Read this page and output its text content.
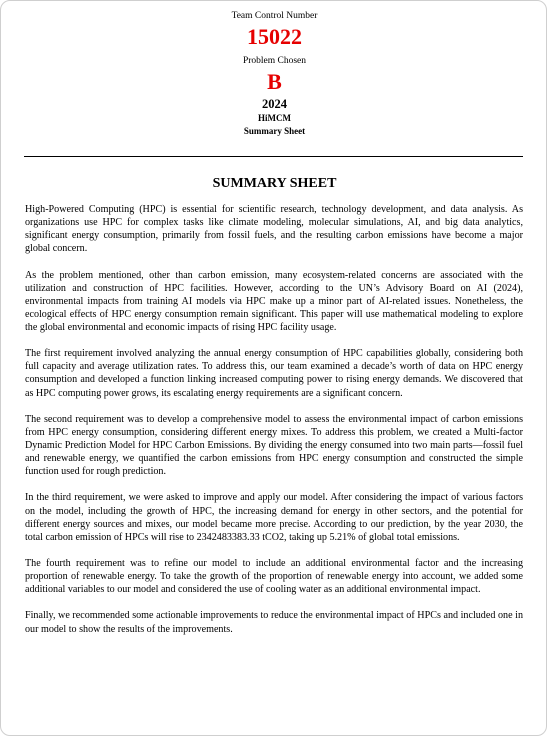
Team Control Number
15022
Problem Chosen
B
2024
HiMCM
Summary Sheet
SUMMARY SHEET

High-Powered Computing (HPC) is essential for scientific research, technology development, and data analysis. As organizations use HPC for complex tasks like climate modeling, molecular simulations, AI, and big data analytics, significant energy consumption, primarily from fossil fuels, and the resulting carbon emissions have become a major global concern.

As the problem mentioned, other than carbon emission, many ecosystem-related concerns are associated with the utilization and construction of HPC facilities. However, according to the UN’s Advisory Board on AI (2024), environmental impacts from training AI models via HPC make up a minor part of AI-related issues. Nonetheless, the ecological effects of HPC energy consumption remain significant. This paper will use mathematical modeling to explore the global environmental and economic impacts of rising HPC facility usage.

The first requirement involved analyzing the annual energy consumption of HPC capabilities globally, considering both full capacity and average utilization rates. To address this, our team examined a decade’s worth of data on HPC energy consumption and developed a function linking increased computing power to rising energy demands. We discovered that as HPC computing power grows, its escalating energy requirements are a significant concern.

The second requirement was to develop a comprehensive model to assess the environmental impact of carbon emissions from HPC energy consumption, considering different energy mixes. To address this problem, we created a Multi-factor Dynamic Prediction Model for HPC Carbon Emissions. By dividing the energy consumed into two main parts—fossil fuel and renewable energy, we quantified the carbon emissions from HPC energy consumption and constructed the simple function used for rough prediction.

In the third requirement, we were asked to improve and apply our model. After considering the impact of various factors on the model, including the growth of HPC, the increasing demand for energy in other sectors, and the potential for different energy sources and mixes, our model became more precise. According to our prediction, by the year 2030, the total carbon emission of HPCs will rise to 2342483383.33 tCO2, taking up 5.21% of global total emissions.

The fourth requirement was to refine our model to include an additional environmental factor and the increasing proportion of renewable energy. To take the growth of the proportion of renewable energy into account, we added some additional variables to our model and considered the use of cooling water as an additional environmental impact.

Finally, we recommended some actionable improvements to reduce the environmental impact of HPCs and included one in our model to show the results of the improvements.
